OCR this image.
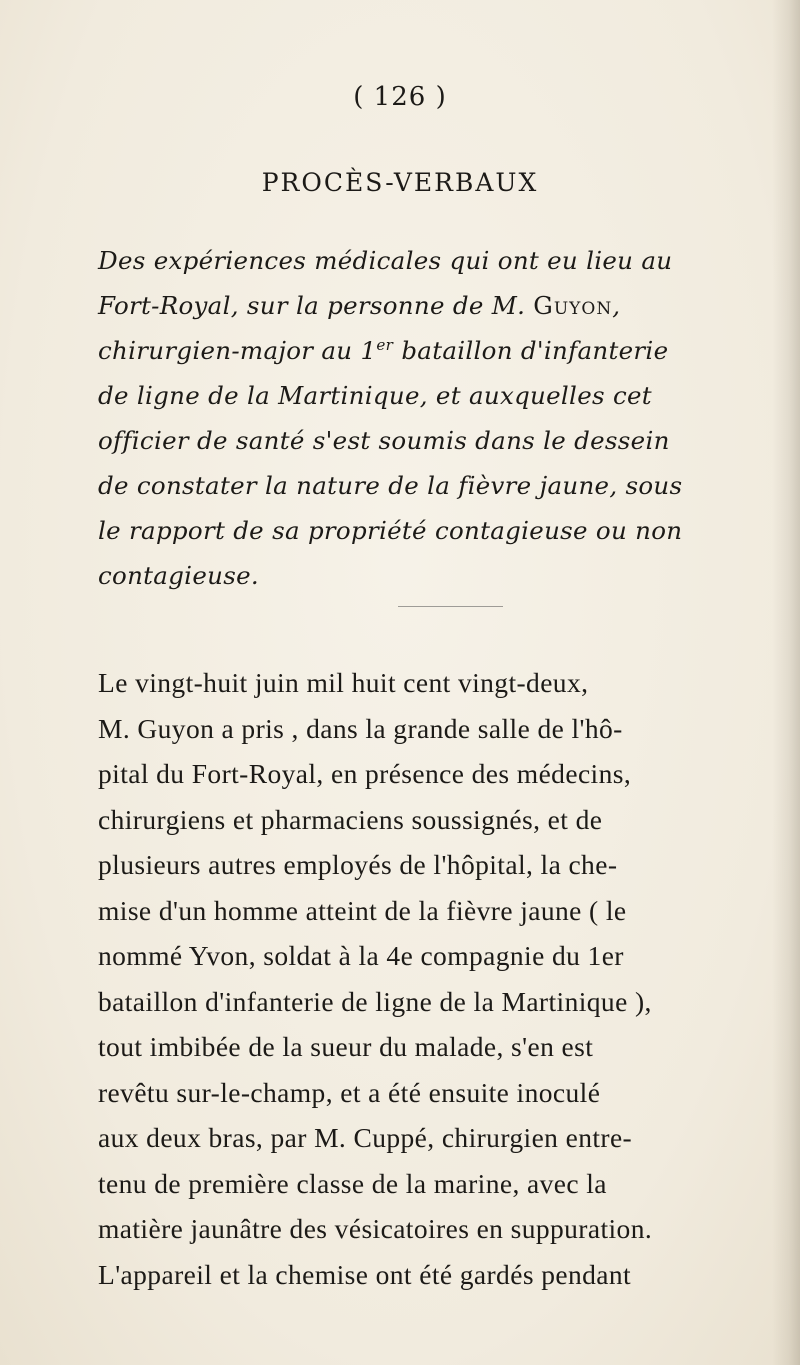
( 126 )
PROCÈS-VERBAUX
Des expériences médicales qui ont eu lieu au
Fort-Royal, sur la personne de M. Guyon,
chirurgien-major au 1er bataillon d'infanterie
de ligne de la Martinique, et auxquelles cet
officier de santé s'est soumis dans le dessein
de constater la nature de la fièvre jaune, sous
le rapport de sa propriété contagieuse ou non
contagieuse.
Le vingt-huit juin mil huit cent vingt-deux,
M. Guyon a pris , dans la grande salle de l'hô-
pital du Fort-Royal, en présence des médecins,
chirurgiens et pharmaciens soussignés, et de
plusieurs autres employés de l'hôpital, la che-
mise d'un homme atteint de la fièvre jaune ( le
nommé Yvon, soldat à la 4e compagnie du 1er
bataillon d'infanterie de ligne de la Martinique ),
tout imbibée de la sueur du malade, s'en est
revêtu sur-le-champ, et a été ensuite inoculé
aux deux bras, par M. Cuppé, chirurgien entre-
tenu de première classe de la marine, avec la
matière jaunâtre des vésicatoires en suppuration.
L'appareil et la chemise ont été gardés pendant
